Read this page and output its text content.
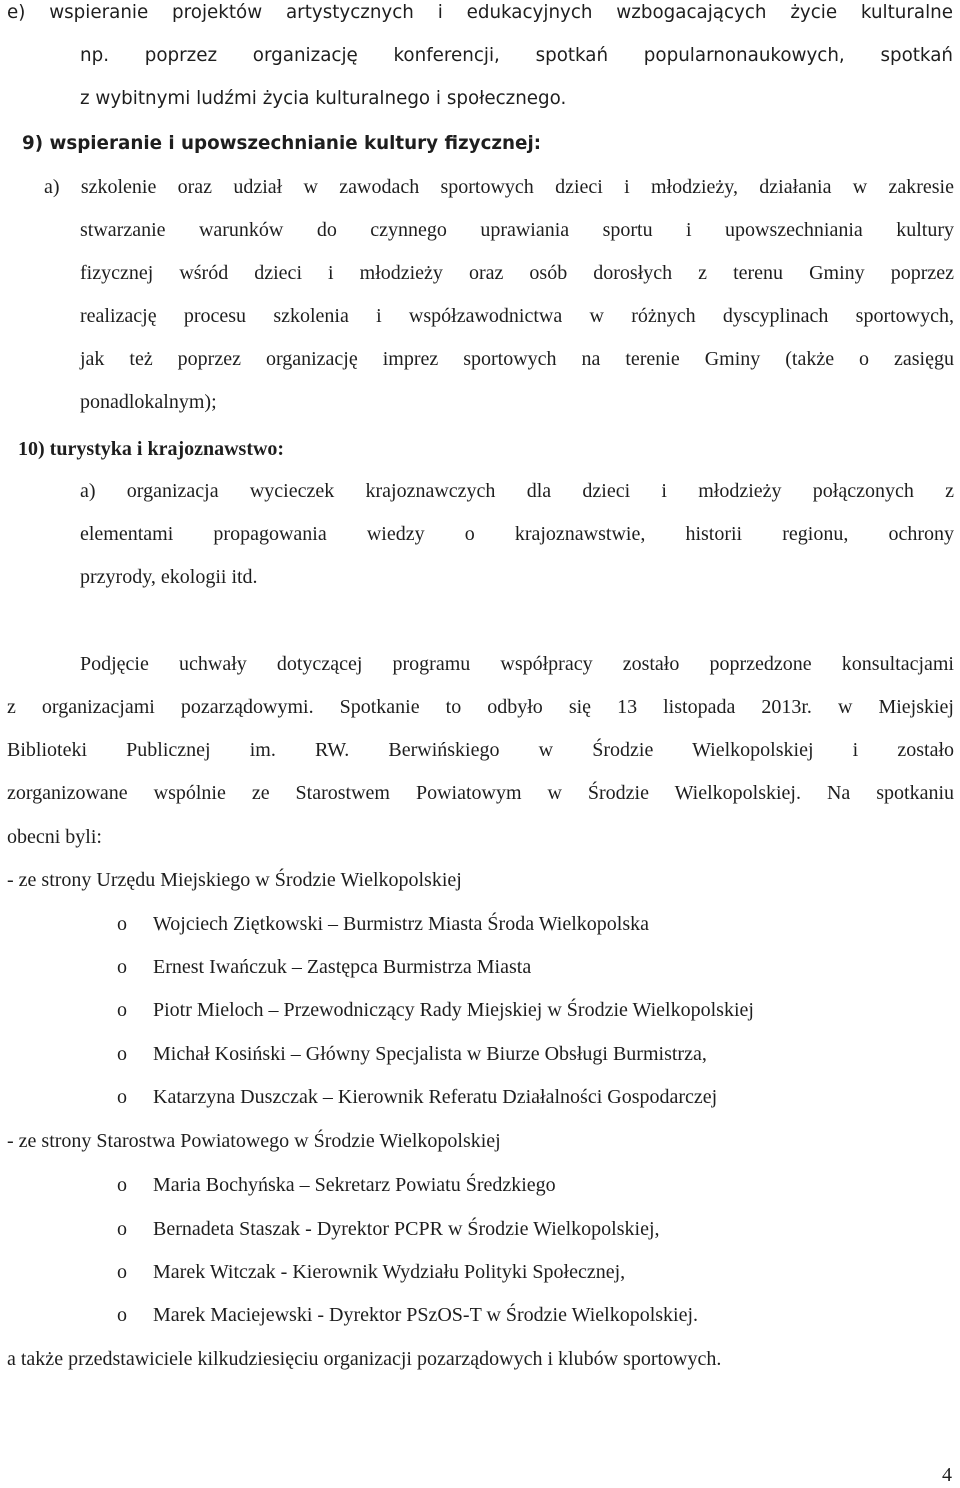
e) wspieranie projektów artystycznych i edukacyjnych wzbogacających życie kulturalne
np. poprzez organizację konferencji, spotkań popularnonaukowych, spotkań
z wybitnymi ludźmi życia kulturalnego i społecznego.
9) wspieranie i upowszechnianie kultury fizycznej:
a) szkolenie oraz udział w zawodach sportowych dzieci i młodzieży, działania w zakresie
stwarzanie warunków do czynnego uprawiania sportu i upowszechniania kultury
fizycznej wśród dzieci i młodzieży oraz osób dorosłych z terenu Gminy poprzez
realizację procesu szkolenia i współzawodnictwa w różnych dyscyplinach sportowych,
jak też poprzez organizację imprez sportowych na terenie Gminy (także o zasięgu
ponadlokalnym);
10) turystyka i krajoznawstwo:
a) organizacja wycieczek krajoznawczych dla dzieci i młodzieży połączonych z
elementami propagowania wiedzy o krajoznawstwie, historii regionu, ochrony
przyrody, ekologii itd.
Podjęcie uchwały dotyczącej programu współpracy zostało poprzedzone konsultacjami
z organizacjami pozarządowymi. Spotkanie to odbyło się 13 listopada 2013r. w Miejskiej
Biblioteki Publicznej im. RW. Berwińskiego w Środzie Wielkopolskiej i zostało
zorganizowane wspólnie ze Starostwem Powiatowym w Środzie Wielkopolskiej. Na spotkaniu
obecni byli:
- ze strony Urzędu Miejskiego w Środzie Wielkopolskiej
o Wojciech Ziętkowski – Burmistrz Miasta Środa Wielkopolska
o Ernest Iwańczuk – Zastępca Burmistrza Miasta
o Piotr Mieloch – Przewodniczący Rady Miejskiej w Środzie Wielkopolskiej
o Michał Kosiński – Główny Specjalista w Biurze Obsługi Burmistrza,
o Katarzyna Duszczak – Kierownik Referatu Działalności Gospodarczej
- ze strony Starostwa Powiatowego w Środzie Wielkopolskiej
o Maria Bochyńska – Sekretarz Powiatu Średzkiego
o Bernadeta Staszak - Dyrektor PCPR w Środzie Wielkopolskiej,
o Marek Witczak - Kierownik Wydziału Polityki Społecznej,
o Marek Maciejewski - Dyrektor PSzOS-T w Środzie Wielkopolskiej.
a także przedstawiciele kilkudziesięciu organizacji pozarządowych i klubów sportowych.
4
